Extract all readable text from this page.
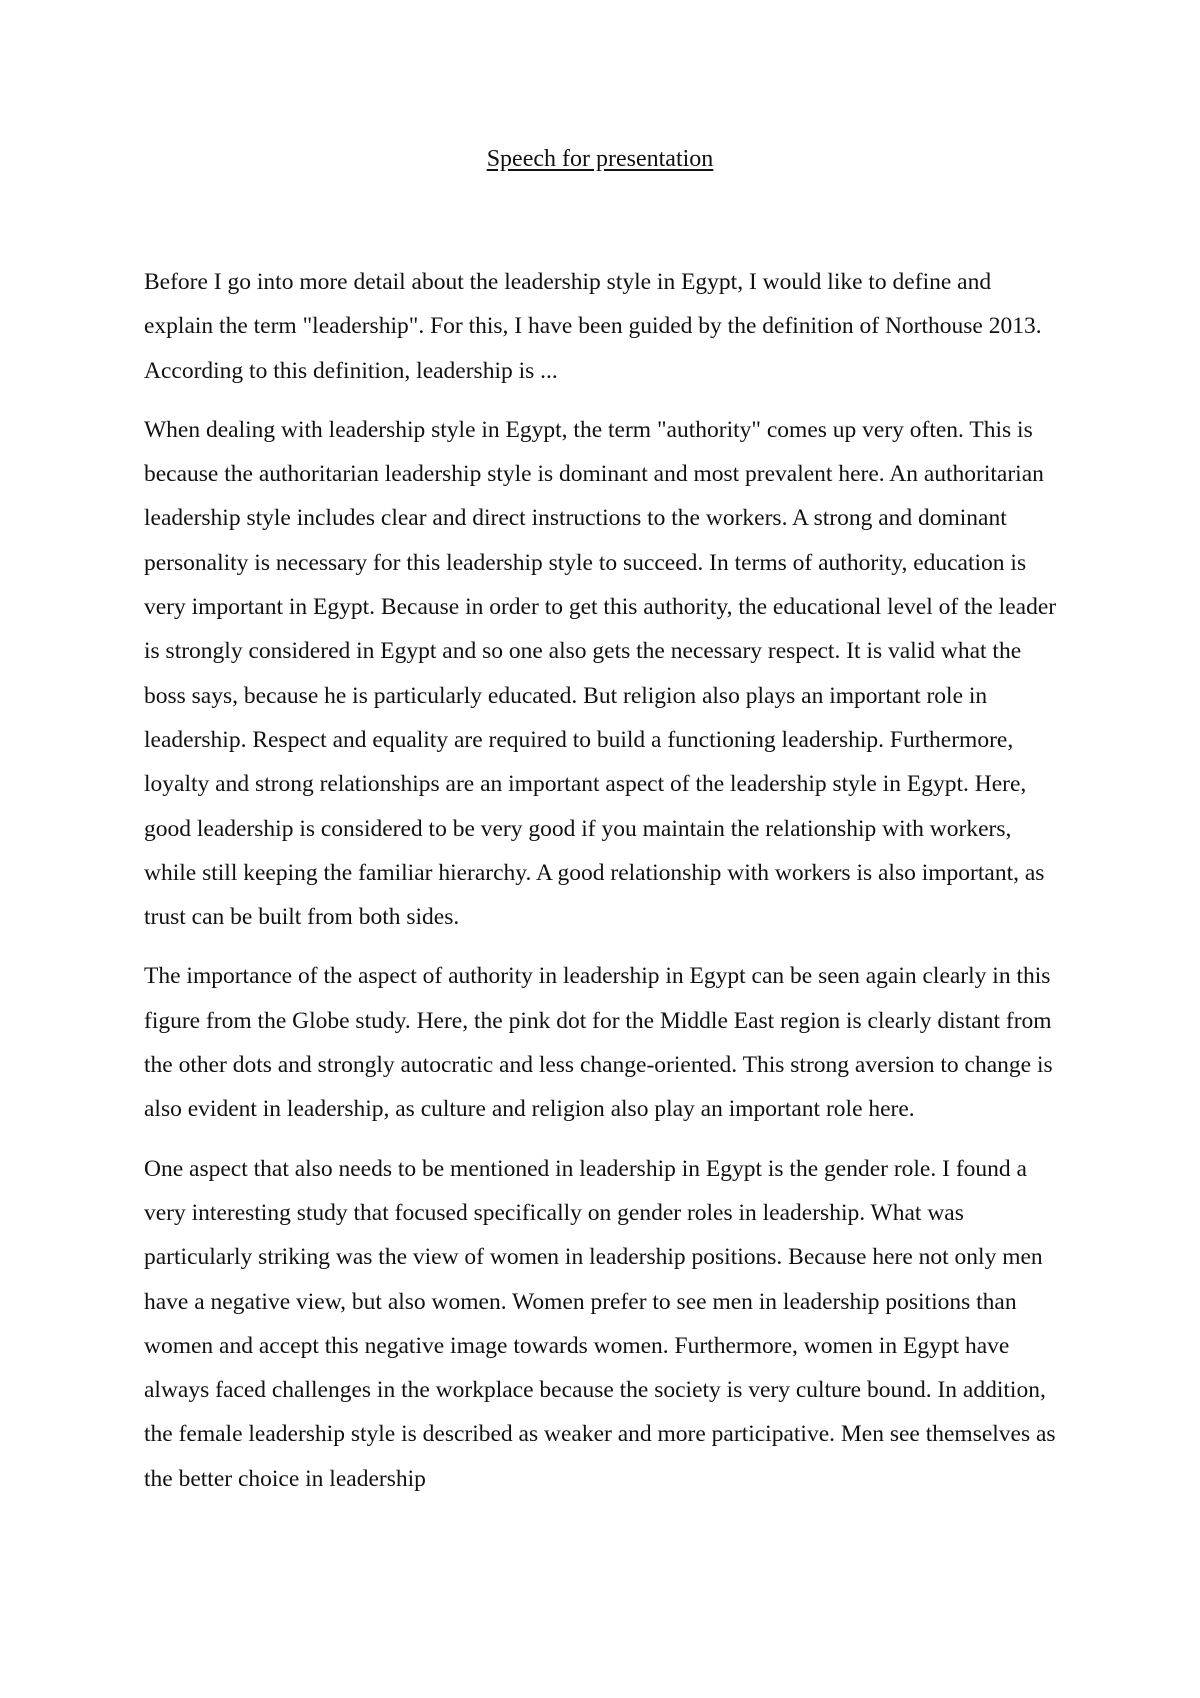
Speech for presentation

Before I go into more detail about the leadership style in Egypt, I would like to define and explain the term "leadership". For this, I have been guided by the definition of Northouse 2013. According to this definition, leadership is ...

When dealing with leadership style in Egypt, the term "authority" comes up very often. This is because the authoritarian leadership style is dominant and most prevalent here. An authoritarian leadership style includes clear and direct instructions to the workers. A strong and dominant personality is necessary for this leadership style to succeed. In terms of authority, education is very important in Egypt. Because in order to get this authority, the educational level of the leader is strongly considered in Egypt and so one also gets the necessary respect. It is valid what the boss says, because he is particularly educated. But religion also plays an important role in leadership. Respect and equality are required to build a functioning leadership. Furthermore, loyalty and strong relationships are an important aspect of the leadership style in Egypt. Here, good leadership is considered to be very good if you maintain the relationship with workers, while still keeping the familiar hierarchy. A good relationship with workers is also important, as trust can be built from both sides.

The importance of the aspect of authority in leadership in Egypt can be seen again clearly in this figure from the Globe study. Here, the pink dot for the Middle East region is clearly distant from the other dots and strongly autocratic and less change-oriented. This strong aversion to change is also evident in leadership, as culture and religion also play an important role here.

One aspect that also needs to be mentioned in leadership in Egypt is the gender role. I found a very interesting study that focused specifically on gender roles in leadership. What was particularly striking was the view of women in leadership positions. Because here not only men have a negative view, but also women. Women prefer to see men in leadership positions than women and accept this negative image towards women. Furthermore, women in Egypt have always faced challenges in the workplace because the society is very culture bound. In addition, the female leadership style is described as weaker and more participative. Men see themselves as the better choice in leadership
